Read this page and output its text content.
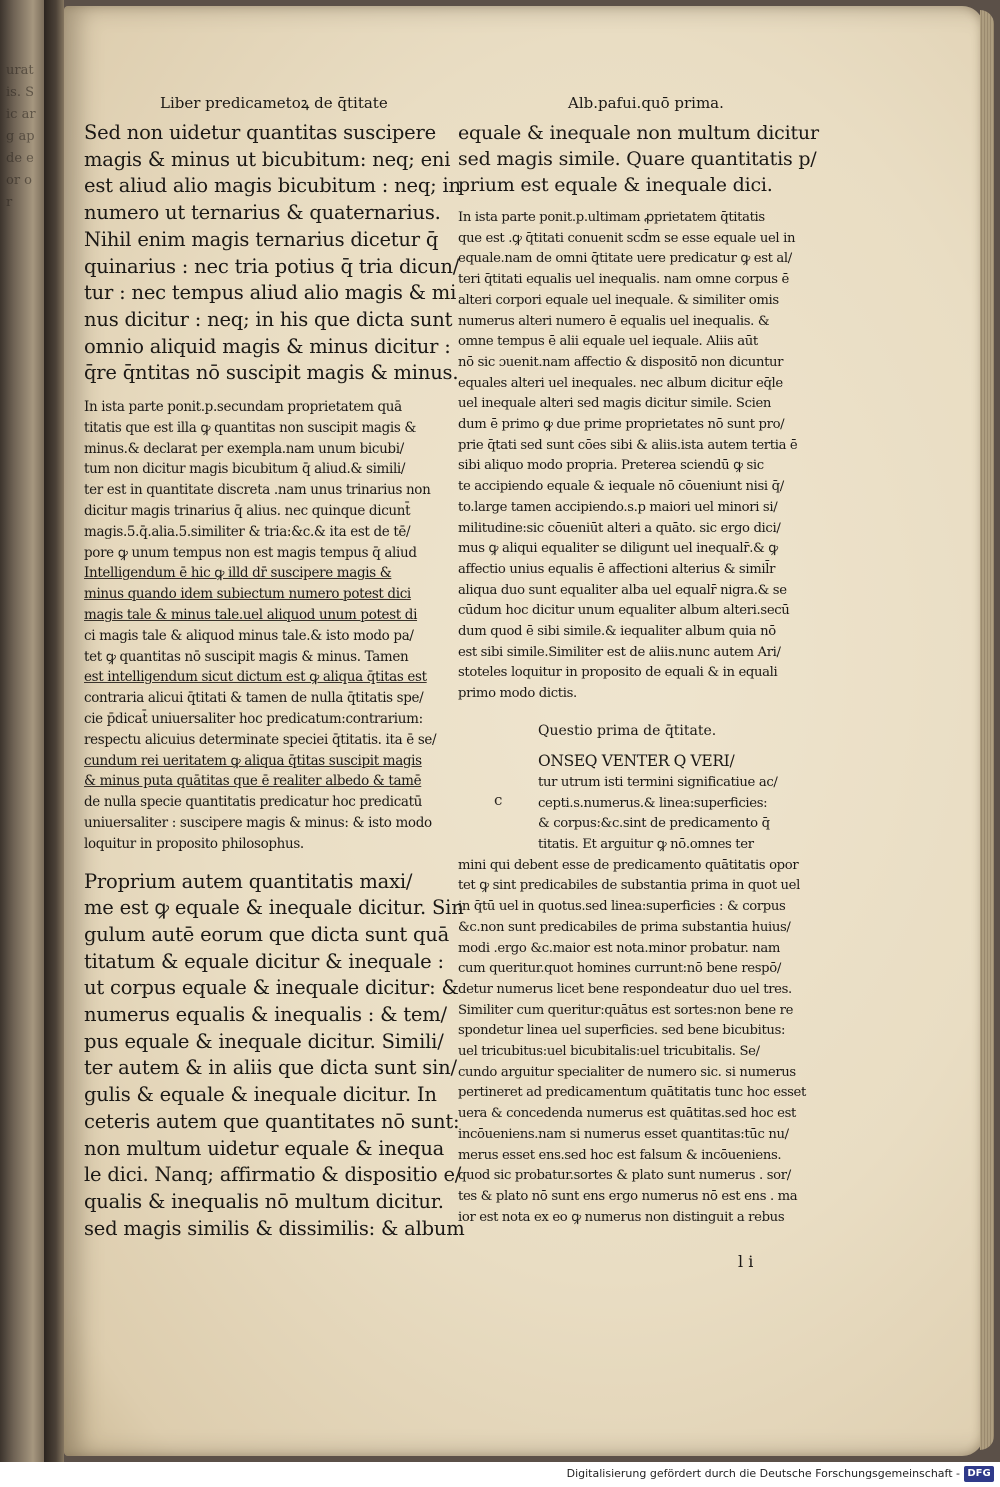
uratis. Sic arg ap de eor or
Liber predicametoꝝ de q̄titate
Sed non uidetur quantitas suscipere
magis & minus ut bicubitum: neq; eni
est aliud alio magis bicubitum : neq; in
numero ut ternarius & quaternarius.
Nihil enim magis ternarius dicetur q̄
quinarius : nec tria potius q̄ tria dicun/
tur : nec tempus aliud alio magis & mi
nus dicitur : neq; in his que dicta sunt
omnio aliquid magis & minus dicitur :
q̄re q̄ntitas nō suscipit magis & minus.
In ista parte ponit.p.secundam proprietatem quā
titatis que est illa ꝙ quantitas non suscipit magis &
minus.& declarat per exempla.nam unum bicubi/
tum non dicitur magis bicubitum q̄ aliud.& simili/
ter est in quantitate discreta .nam unus trinarius non
dicitur magis trinarius q̄ alius. nec quinque dicunt̄
magis.5.q̄.alia.5.similiter & tria:&c.& ita est de tē/
pore ꝙ unum tempus non est magis tempus q̄ aliud
Intelligendum ē hic ꝙ illd dr̄ suscipere magis &
minus quando idem subiectum numero potest dici
magis tale & minus tale.uel aliquod unum potest di
ci magis tale & aliquod minus tale.& isto modo pa/
tet ꝙ quantitas nō suscipit magis & minus. Tamen
est intelligendum sicut dictum est ꝙ aliqua q̄titas est
contraria alicui q̄titati & tamen de nulla q̄titatis spe/
cie p̄dicat̄ uniuersaliter hoc predicatum:contrarium:
respectu alicuius determinate speciei q̄titatis. ita ē se/
cundum rei ueritatem ꝙ aliqua q̄titas suscipit magis
& minus puta quātitas que ē realiter albedo & tamē
de nulla specie quantitatis predicatur hoc predicatū
uniuersaliter : suscipere magis & minus: & isto modo
loquitur in proposito philosophus.
Proprium autem quantitatis maxi/
me est ꝙ equale & inequale dicitur. Sin
gulum autē eorum que dicta sunt quā
titatum & equale dicitur & inequale :
ut corpus equale & inequale dicitur: &
numerus equalis & inequalis : & tem/
pus equale & inequale dicitur. Simili/
ter autem & in aliis que dicta sunt sin/
gulis & equale & inequale dicitur. In
ceteris autem que quantitates nō sunt:
non multum uidetur equale & inequa
le dici. Nanq; affirmatio & dispositio e/
qualis & inequalis nō multum dicitur.
sed magis similis & dissimilis: & album
Alb.pafui.quō prima.
equale & inequale non multum dicitur
sed magis simile. Quare quantitatis p/
prium est equale & inequale dici.
In ista parte ponit.p.ultimam ꝓprietatem q̄titatis
que est .ꝙ q̄titati conuenit scd̄m se esse equale uel in
equale.nam de omni q̄titate uere predicatur ꝙ est al/
teri q̄titati equalis uel inequalis. nam omne corpus ē
alteri corpori equale uel inequale. & similiter omis
numerus alteri numero ē equalis uel inequalis. &
omne tempus ē alii equale uel iequale. Aliis aūt
nō sic ɔuenit.nam affectio & dispositō non dicuntur
equales alteri uel inequales. nec album dicitur eq̄le
uel inequale alteri sed magis dicitur simile. Scien
dum ē primo ꝙ due prime proprietates nō sunt pro/
prie q̄tati sed sunt cōes sibi & aliis.ista autem tertia ē
sibi aliquo modo propria. Preterea sciendū ꝙ sic
te accipiendo equale & iequale nō cōueniunt nisi q̄/
to.large tamen accipiendo.s.p maiori uel minori si/
militudine:sic cōueniūt alteri a quāto. sic ergo dici/
mus ꝙ aliqui equaliter se diligunt uel inequalr̄.& ꝙ
affectio unius equalis ē affectioni alterius & simil̄r
aliqua duo sunt equaliter alba uel equalr̄ nigra.& se
cūdum hoc dicitur unum equaliter album alteri.secū
dum quod ē sibi simile.& iequaliter album quia nō
est sibi simile.Similiter est de aliis.nunc autem Ari/
stoteles loquitur in proposito de equali & in equali
primo modo dictis.
Questio prima de q̄titate.
c
ONSEQ VENTER Q VERI/
tur utrum isti termini significatiue ac/
cepti.s.numerus.& linea:superficies:
& corpus:&c.sint de predicamento q̄
titatis. Et arguitur ꝙ nō.omnes ter
mini qui debent esse de predicamento quātitatis opor
tet ꝙ sint predicabiles de substantia prima in quot uel
in q̄tū uel in quotus.sed linea:superficies : & corpus
&c.non sunt predicabiles de prima substantia huius/
modi .ergo &c.maior est nota.minor probatur. nam
cum queritur.quot homines currunt:nō bene respō/
detur numerus licet bene respondeatur duo uel tres.
Similiter cum queritur:quātus est sortes:non bene re
spondetur linea uel superficies. sed bene bicubitus:
uel tricubitus:uel bicubitalis:uel tricubitalis. Se/
cundo arguitur specialiter de numero sic. si numerus
pertineret ad predicamentum quātitatis tunc hoc esset
uera & concedenda numerus est quātitas.sed hoc est
incōueniens.nam si numerus esset quantitas:tūc nu/
merus esset ens.sed hoc est falsum & incōueniens.
quod sic probatur.sortes & plato sunt numerus . sor/
tes & plato nō sunt ens ergo numerus nō est ens . ma
ior est nota ex eo ꝙ numerus non distinguit a rebus
l i
Digitalisierung gefördert durch die Deutsche Forschungsgemeinschaft - DFG
